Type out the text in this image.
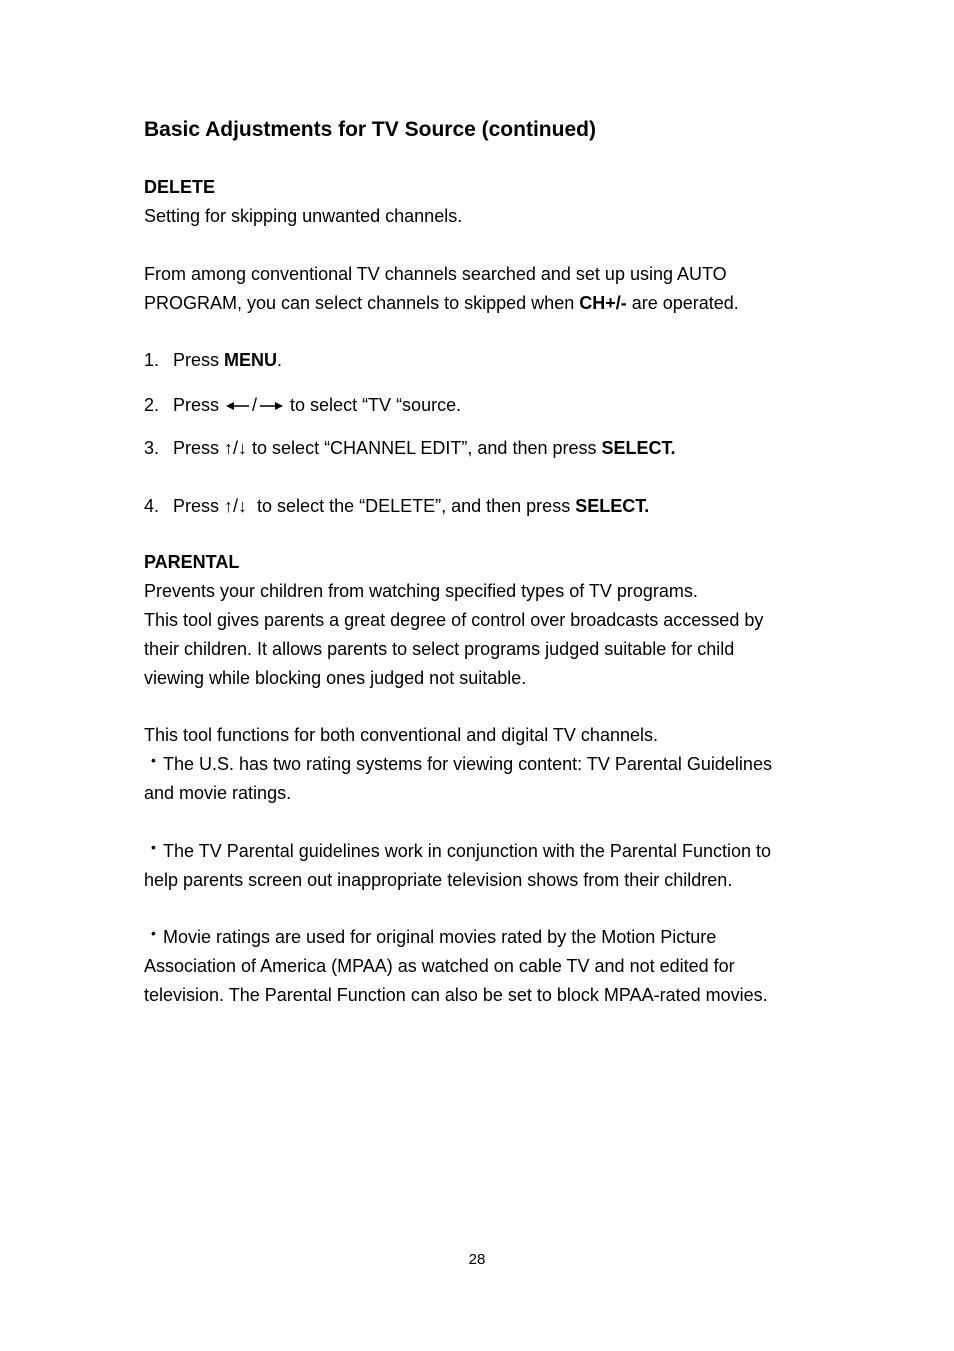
Basic Adjustments for TV Source (continued)
DELETE
Setting for skipping unwanted channels.
From among conventional TV channels searched and set up using AUTO
PROGRAM, you can select channels to skipped when CH+/- are operated.
1. Press MENU.
2. Press / to select “TV “source.
3. Press ↑/↓ to select “CHANNEL EDIT”, and then press SELECT.
4. Press ↑/↓  to select the “DELETE”, and then press SELECT.
PARENTAL
Prevents your children from watching specified types of TV programs.
This tool gives parents a great degree of control over broadcasts accessed by
their children. It allows parents to select programs judged suitable for child
viewing while blocking ones judged not suitable.
This tool functions for both conventional and digital TV channels.
• The U.S. has two rating systems for viewing content: TV Parental Guidelines
and movie ratings.
• The TV Parental guidelines work in conjunction with the Parental Function to
help parents screen out inappropriate television shows from their children.
• Movie ratings are used for original movies rated by the Motion Picture
Association of America (MPAA) as watched on cable TV and not edited for
television. The Parental Function can also be set to block MPAA-rated movies.
28
